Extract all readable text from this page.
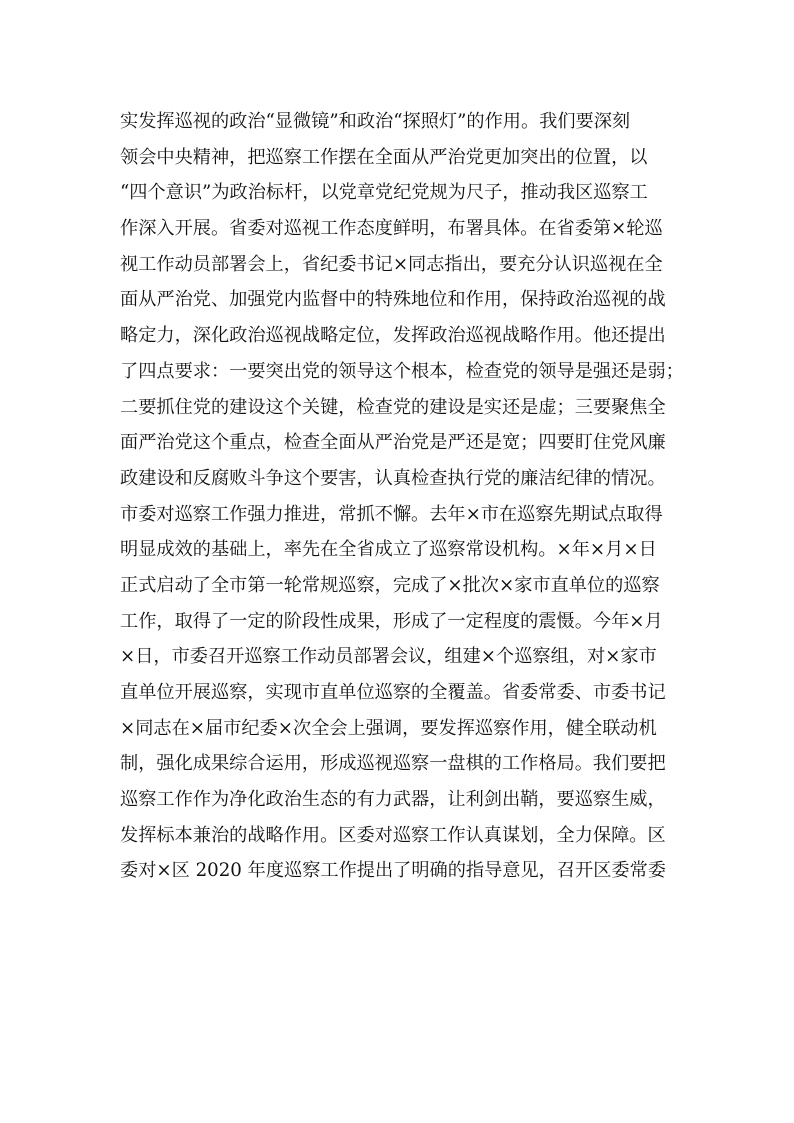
实发挥巡视的政治“显微镜”和政治“探照灯”的作用。我们要深刻
领会中央精神，把巡察工作摆在全面从严治党更加突出的位置，以
“四个意识”为政治标杆，以党章党纪党规为尺子，推动我区巡察工
作深入开展。省委对巡视工作态度鲜明，布署具体。在省委第×轮巡
视工作动员部署会上，省纪委书记×同志指出，要充分认识巡视在全
面从严治党、加强党内监督中的特殊地位和作用，保持政治巡视的战
略定力，深化政治巡视战略定位，发挥政治巡视战略作用。他还提出
了四点要求：一要突出党的领导这个根本，检查党的领导是强还是弱；
二要抓住党的建设这个关键，检查党的建设是实还是虚；三要聚焦全
面严治党这个重点，检查全面从严治党是严还是宽；四要盯住党风廉
政建设和反腐败斗争这个要害，认真检查执行党的廉洁纪律的情况。
市委对巡察工作强力推进，常抓不懈。去年×市在巡察先期试点取得
明显成效的基础上，率先在全省成立了巡察常设机构。×年×月×日
正式启动了全市第一轮常规巡察，完成了×批次×家市直单位的巡察
工作，取得了一定的阶段性成果，形成了一定程度的震慑。今年×月
×日，市委召开巡察工作动员部署会议，组建×个巡察组，对×家市
直单位开展巡察，实现市直单位巡察的全覆盖。省委常委、市委书记
×同志在×届市纪委×次全会上强调，要发挥巡察作用，健全联动机
制，强化成果综合运用，形成巡视巡察一盘棋的工作格局。我们要把
巡察工作作为净化政治生态的有力武器，让利剑出鞘，要巡察生威，
发挥标本兼治的战略作用。区委对巡察工作认真谋划，全力保障。区
委对×区 2020 年度巡察工作提出了明确的指导意见，召开区委常委
